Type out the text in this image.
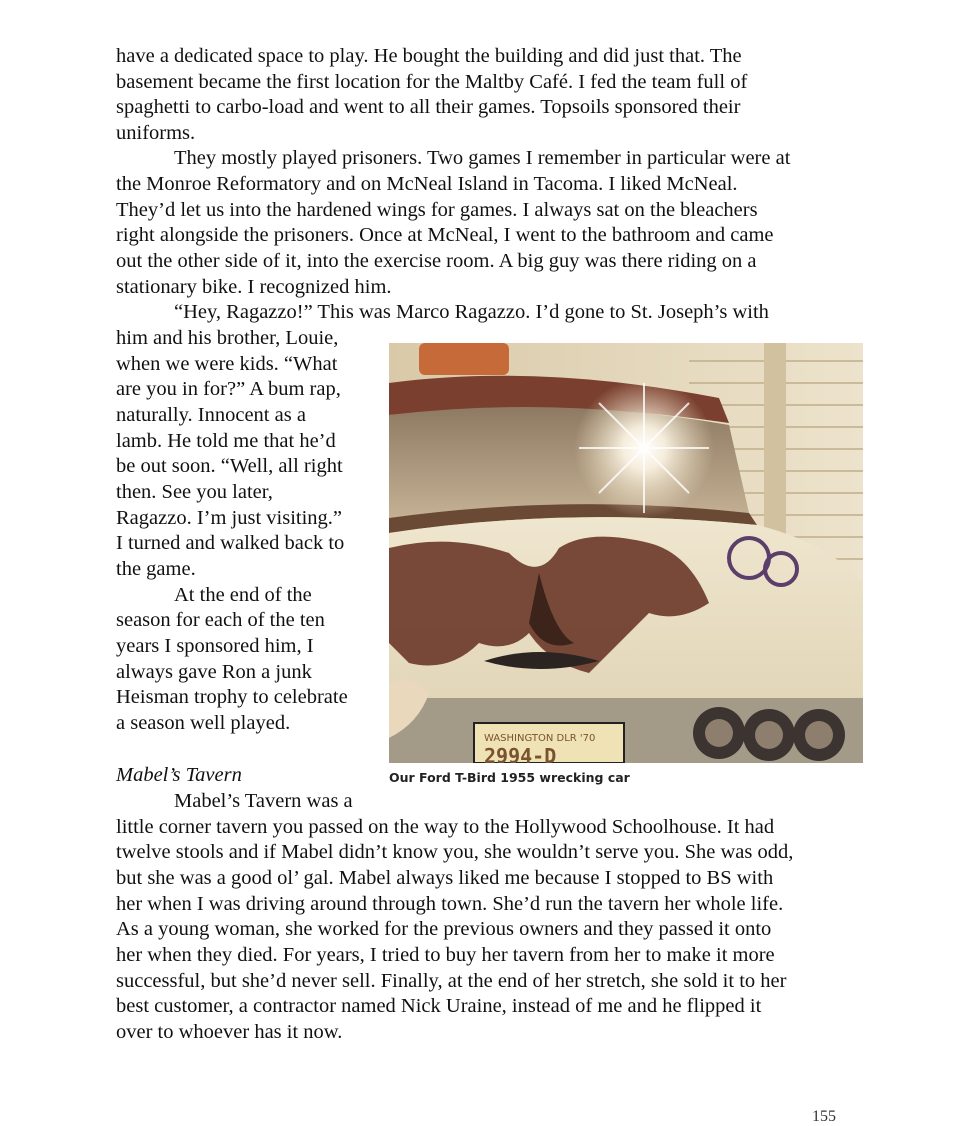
have a dedicated space to play. He bought the building and did just that. The
basement became the first location for the Maltby Café. I fed the team full of
spaghetti to carbo-load and went to all their games. Topsoils sponsored their
uniforms.
They mostly played prisoners. Two games I remember in particular were at
the Monroe Reformatory and on McNeal Island in Tacoma. I liked McNeal.
They’d let us into the hardened wings for games. I always sat on the bleachers
right alongside the prisoners. Once at McNeal, I went to the bathroom and came
out the other side of it, into the exercise room. A big guy was there riding on a
stationary bike. I recognized him.
“Hey, Ragazzo!” This was Marco Ragazzo. I’d gone to St. Joseph’s with
him and his brother, Louie,
when we were kids. “What
are you in for?” A bum rap,
naturally. Innocent as a
lamb. He told me that he’d
be out soon. “Well, all right
then. See you later,
Ragazzo. I’m just visiting.”
I turned and walked back to
the game.
At the end of the
season for each of the ten
years I sponsored him, I
always gave Ron a junk
Heisman trophy to celebrate
a season well played.
Mabel’s Tavern
Mabel’s Tavern was a
little corner tavern you passed on the way to the Hollywood Schoolhouse. It had
twelve stools and if Mabel didn’t know you, she wouldn’t serve you. She was odd,
but she was a good ol’ gal. Mabel always liked me because I stopped to BS with
her when I was driving around through town. She’d run the tavern her whole life.
As a young woman, she worked for the previous owners and they passed it onto
her when they died. For years, I tried to buy her tavern from her to make it more
successful, but she’d never sell. Finally, at the end of her stretch, she sold it to her
best customer, a contractor named Nick Uraine, instead of me and he flipped it
over to whoever has it now.
WASHINGTON DLR '70
2994-D
Our Ford T-Bird 1955 wrecking car
155
